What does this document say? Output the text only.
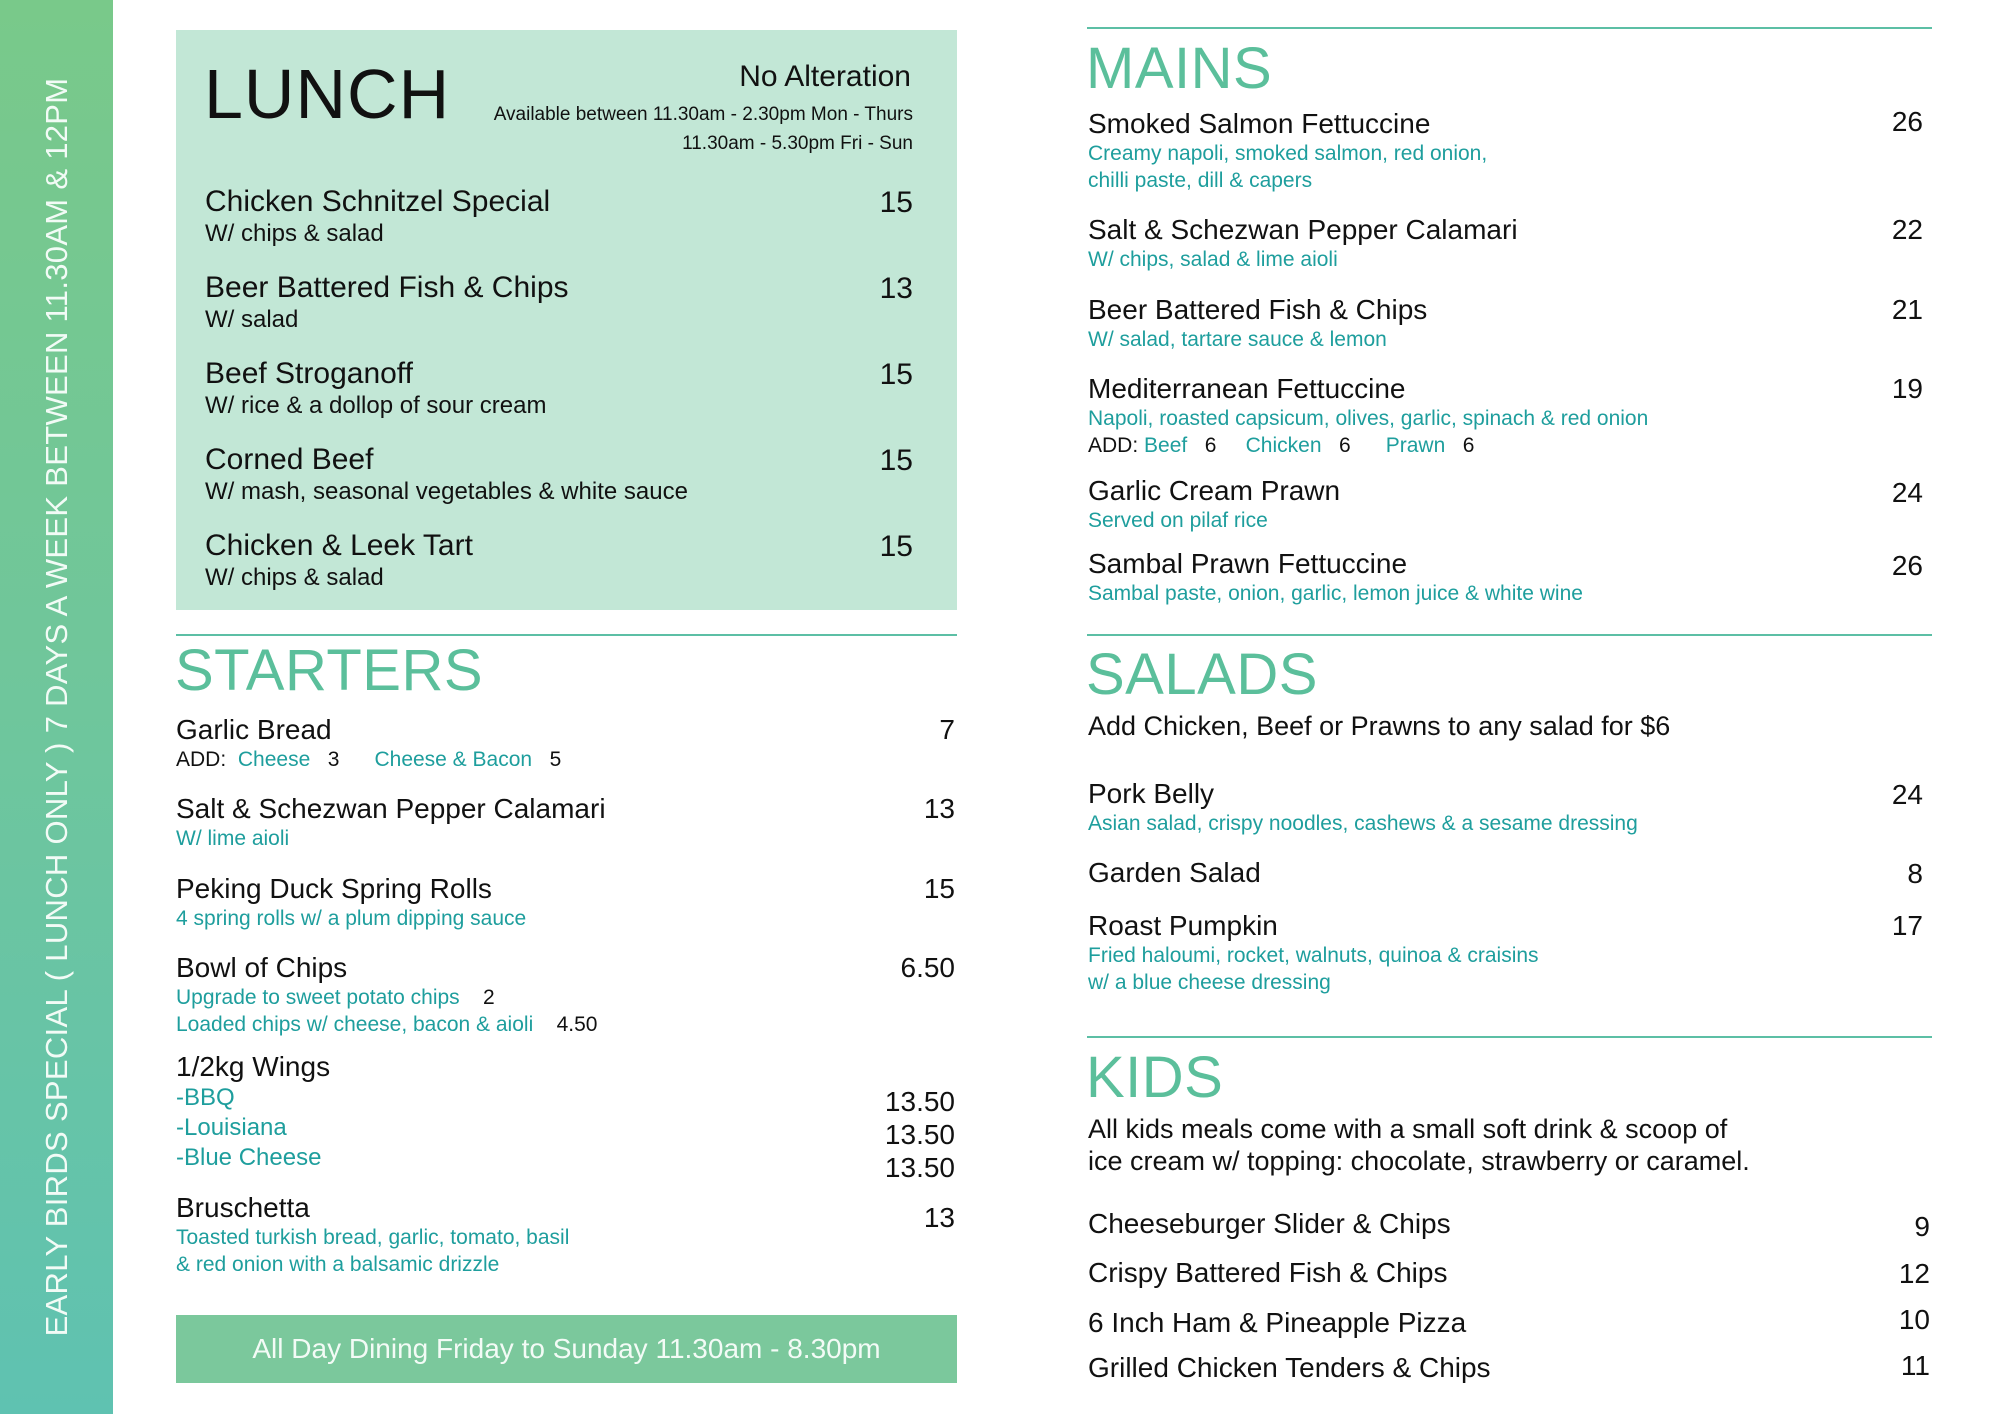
EARLY BIRDS SPECIAL ( LUNCH ONLY ) 7 DAYS A WEEK BETWEEN 11.30AM & 12PM LUNCH	No Alteration
Available between 11.30am - 2.30pm Mon - Thurs
11.30am - 5.30pm Fri - Sun
Chicken Schnitzel Special
W/ chips & salad
15
Beer Battered Fish & Chips
W/ salad
13
Beef Stroganoff
W/ rice & a dollop of sour cream
15
Corned Beef
W/ mash, seasonal vegetables & white sauce
15
Chicken & Leek Tart
W/ chips & salad
15
STARTERS
Garlic Bread
ADD: Cheese 3 Cheese & Bacon 5
7
Salt & Schezwan Pepper Calamari
W/ lime aioli
13
Peking Duck Spring Rolls
4 spring rolls w/ a plum dipping sauce
15
Bowl of Chips
Upgrade to sweet potato chips 2
Loaded chips w/ cheese, bacon & aioli 4.50
6.50
1/2kg Wings
-BBQ
-Louisiana
-Blue Cheese
13.50
13.50
13.50
Bruschetta
Toasted turkish bread, garlic, tomato, basil
& red onion with a balsamic drizzle
13
All Day Dining Friday to Sunday 11.30am - 8.30pm
MAINS
Smoked Salmon Fettuccine
Creamy napoli, smoked salmon, red onion,
chilli paste, dill & capers
26
Salt & Schezwan Pepper Calamari
W/ chips, salad & lime aioli
22
Beer Battered Fish & Chips
W/ salad, tartare sauce & lemon
21
Mediterranean Fettuccine
Napoli, roasted capsicum, olives, garlic, spinach & red onion
ADD: Beef 6 Chicken 6 Prawn 6
19
Garlic Cream Prawn
Served on pilaf rice
24
Sambal Prawn Fettuccine
Sambal paste, onion, garlic, lemon juice & white wine
26
SALADS
Add Chicken, Beef or Prawns to any salad for $6
Pork Belly
Asian salad, crispy noodles, cashews & a sesame dressing
24
Garden Salad	8
Roast Pumpkin
Fried haloumi, rocket, walnuts, quinoa & craisins
w/ a blue cheese dressing
17
KIDS
All kids meals come with a small soft drink & scoop of
ice cream w/ topping: chocolate, strawberry or caramel.
Cheeseburger Slider & Chips	9
Crispy Battered Fish & Chips	12
6 Inch Ham & Pineapple Pizza	10
Grilled Chicken Tenders & Chips	11
